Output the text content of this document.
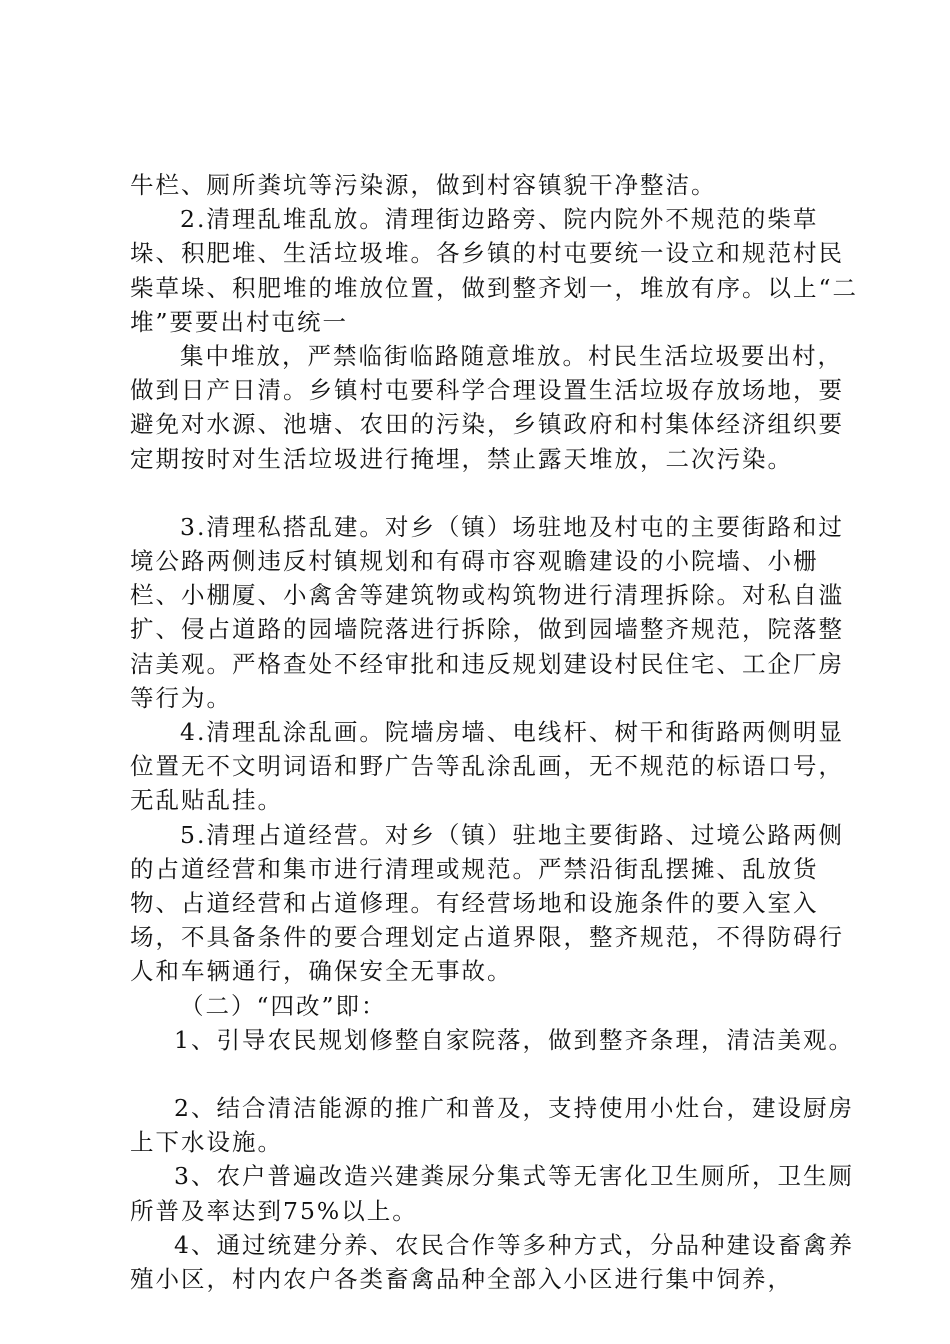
牛栏、厕所粪坑等污染源，做到村容镇貌干净整洁。

2.清理乱堆乱放。清理街边路旁、院内院外不规范的柴草垛、积肥堆、生活垃圾堆。各乡镇的村屯要统一设立和规范村民柴草垛、积肥堆的堆放位置，做到整齐划一，堆放有序。以上“二堆”要要出村屯统一

集中堆放，严禁临街临路随意堆放。村民生活垃圾要出村，做到日产日清。乡镇村屯要科学合理设置生活垃圾存放场地，要避免对水源、池塘、农田的污染，乡镇政府和村集体经济组织要定期按时对生活垃圾进行掩埋，禁止露天堆放，二次污染。

3.清理私搭乱建。对乡（镇）场驻地及村屯的主要街路和过境公路两侧违反村镇规划和有碍市容观瞻建设的小院墙、小栅栏、小棚厦、小禽舍等建筑物或构筑物进行清理拆除。对私自滥扩、侵占道路的园墙院落进行拆除，做到园墙整齐规范，院落整洁美观。严格查处不经审批和违反规划建设村民住宅、工企厂房等行为。

4.清理乱涂乱画。院墙房墙、电线杆、树干和街路两侧明显位置无不文明词语和野广告等乱涂乱画，无不规范的标语口号，无乱贴乱挂。

5.清理占道经营。对乡（镇）驻地主要街路、过境公路两侧的占道经营和集市进行清理或规范。严禁沿街乱摆摊、乱放货物、占道经营和占道修理。有经营场地和设施条件的要入室入场，不具备条件的要合理划定占道界限，整齐规范，不得防碍行人和车辆通行，确保安全无事故。

（二）“四改”即：

1、引导农民规划修整自家院落，做到整齐条理，清洁美观。

2、结合清洁能源的推广和普及，支持使用小灶台，建设厨房上下水设施。

3、农户普遍改造兴建粪尿分集式等无害化卫生厕所，卫生厕所普及率达到75%以上。

4、通过统建分养、农民合作等多种方式，分品种建设畜禽养殖小区，村内农户各类畜禽品种全部入小区进行集中饲养，
